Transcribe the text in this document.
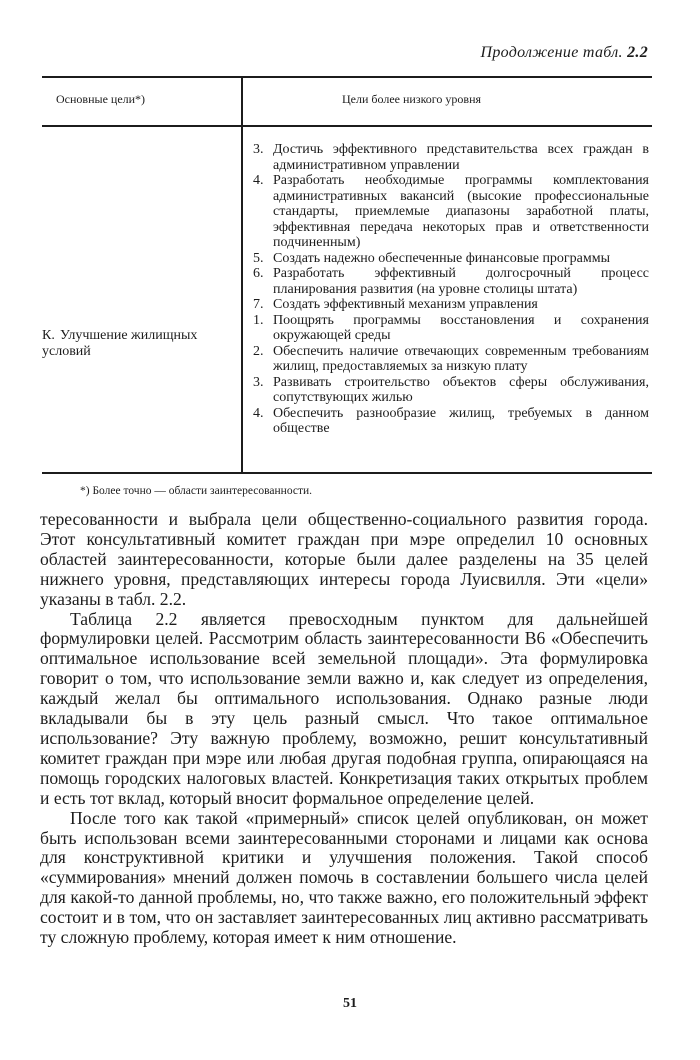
Продолжение табл. 2.2
Основные цели*)	Цели более низкого уровня
К. Улучшение жилищных условий
3. Достичь эффективного представительства всех граждан в административном управлении
4. Разработать необходимые программы комплектования административных вакансий (высокие профессиональные стандарты, приемлемые диапазоны заработной платы, эффективная передача некоторых прав и ответственности подчиненным)
5. Создать надежно обеспеченные финансовые программы
6. Разработать эффективный долгосрочный процесс планирования развития (на уровне столицы штата)
7. Создать эффективный механизм управления
1. Поощрять программы восстановления и сохранения окружающей среды
2. Обеспечить наличие отвечающих современным требованиям жилищ, предоставляемых за низкую плату
3. Развивать строительство объектов сферы обслуживания, сопутствующих жилью
4. Обеспечить разнообразие жилищ, требуемых в данном обществе
*) Более точно — области заинтересованности.

тересованности и выбрала цели общественно-социального развития города. Этот консультативный комитет граждан при мэре определил 10 основных областей заинтересованности, которые были далее разделены на 35 целей нижнего уровня, представляющих интересы города Луисвилля. Эти «цели» указаны в табл. 2.2.

Таблица 2.2 является превосходным пунктом для дальнейшей формулировки целей. Рассмотрим область заинтересованности В6 «Обеспечить оптимальное использование всей земельной площади». Эта формулировка говорит о том, что использование земли важно и, как следует из определения, каждый желал бы оптимального использования. Однако разные люди вкладывали бы в эту цель разный смысл. Что такое оптимальное использование? Эту важную проблему, возможно, решит консультативный комитет граждан при мэре или любая другая подобная группа, опирающаяся на помощь городских налоговых властей. Конкретизация таких открытых проблем и есть тот вклад, который вносит формальное определение целей.

После того как такой «примерный» список целей опубликован, он может быть использован всеми заинтересованными сторонами и лицами как основа для конструктивной критики и улучшения положения. Такой способ «суммирования» мнений должен помочь в составлении большего числа целей для какой-то данной проблемы, но, что также важно, его положительный эффект состоит и в том, что он заставляет заинтересованных лиц активно рассматривать ту сложную проблему, которая имеет к ним отношение.

51
